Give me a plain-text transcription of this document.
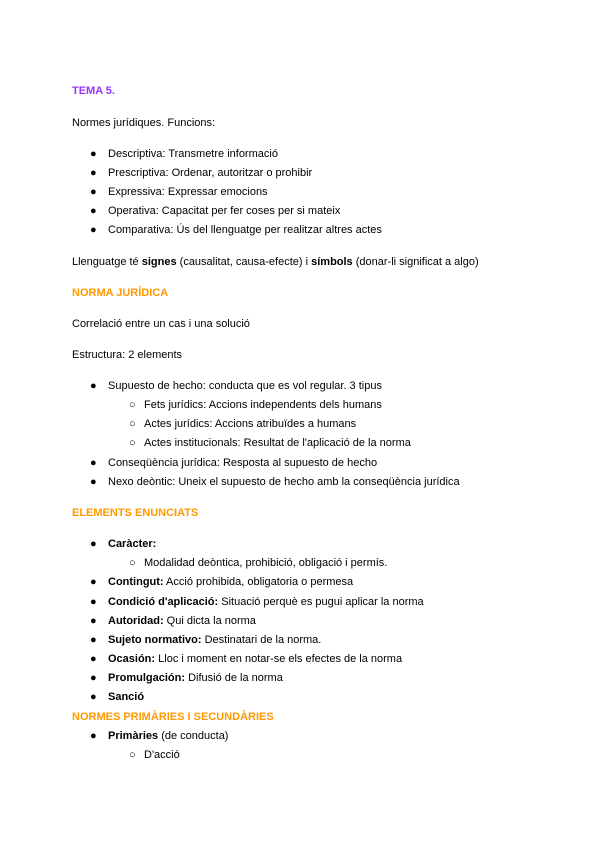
TEMA 5.
Normes jurídiques. Funcions:
● Descriptiva: Transmetre informació
● Prescriptiva: Ordenar, autoritzar o prohibir
● Expressiva: Expressar emocions
● Operativa: Capacitat per fer coses per si mateix
● Comparativa: Ús del llenguatge per realitzar altres actes
Llenguatge té signes (causalitat, causa-efecte) i símbols (donar-li significat a algo)
NORMA JURÍDICA
Correlació entre un cas i una solució
Estructura: 2 elements
● Supuesto de hecho: conducta que es vol regular. 3 tipus
○ Fets jurídics: Accions independents dels humans
○ Actes jurídics: Accions atribuïdes a humans
○ Actes institucionals: Resultat de l'aplicació de la norma
● Conseqüència jurídica: Resposta al supuesto de hecho
● Nexo deòntic: Uneix el supuesto de hecho amb la conseqüència jurídica
ELEMENTS ENUNCIATS
● Caràcter:
○ Modalidad deòntica, prohibició, obligació i permís.
● Contingut: Acció prohibida, obligatoria o permesa
● Condició d'aplicació: Situació perquè es pugui aplicar la norma
● Autoridad: Qui dicta la norma
● Sujeto normativo: Destinatari de la norma.
● Ocasión: Lloc i moment en notar-se els efectes de la norma
● Promulgación: Difusió de la norma
● Sanció
NORMES PRIMÀRIES I SECUNDÀRIES
● Primàries (de conducta)
○ D'acció
